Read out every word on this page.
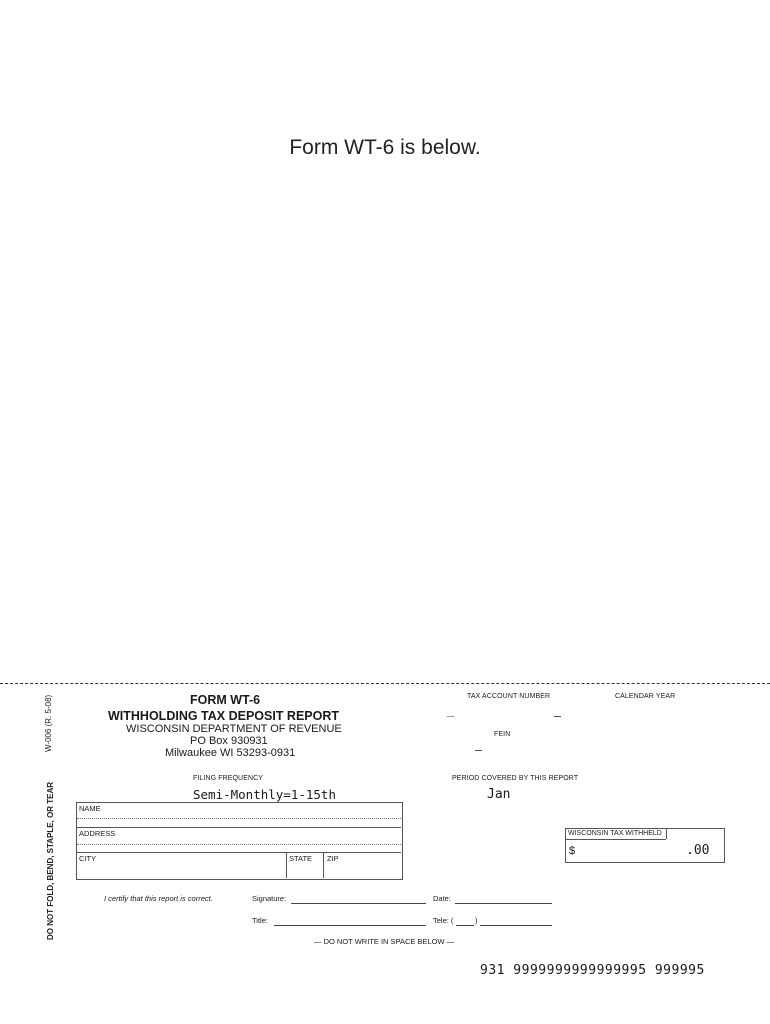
Form WT-6 is below.
W-006 (R. 5-08)
DO NOT FOLD, BEND, STAPLE, OR TEAR
FORM WT-6
WITHHOLDING TAX DEPOSIT REPORT
WISCONSIN DEPARTMENT OF REVENUE
PO Box 930931
Milwaukee WI 53293-0931
TAX ACCOUNT NUMBER	CALENDAR YEAR
FEIN
FILING FREQUENCY
Semi-Monthly=1-15th
PERIOD COVERED BY THIS REPORT
Jan
NAME
ADDRESS
CITY	STATE ZIP
WISCONSIN TAX WITHHELD
$	.00
I certify that this report is correct.	Signature:	Date:
Title:	Tele: (	)
— DO NOT WRITE IN SPACE BELOW —
931 9999999999999995 999995
